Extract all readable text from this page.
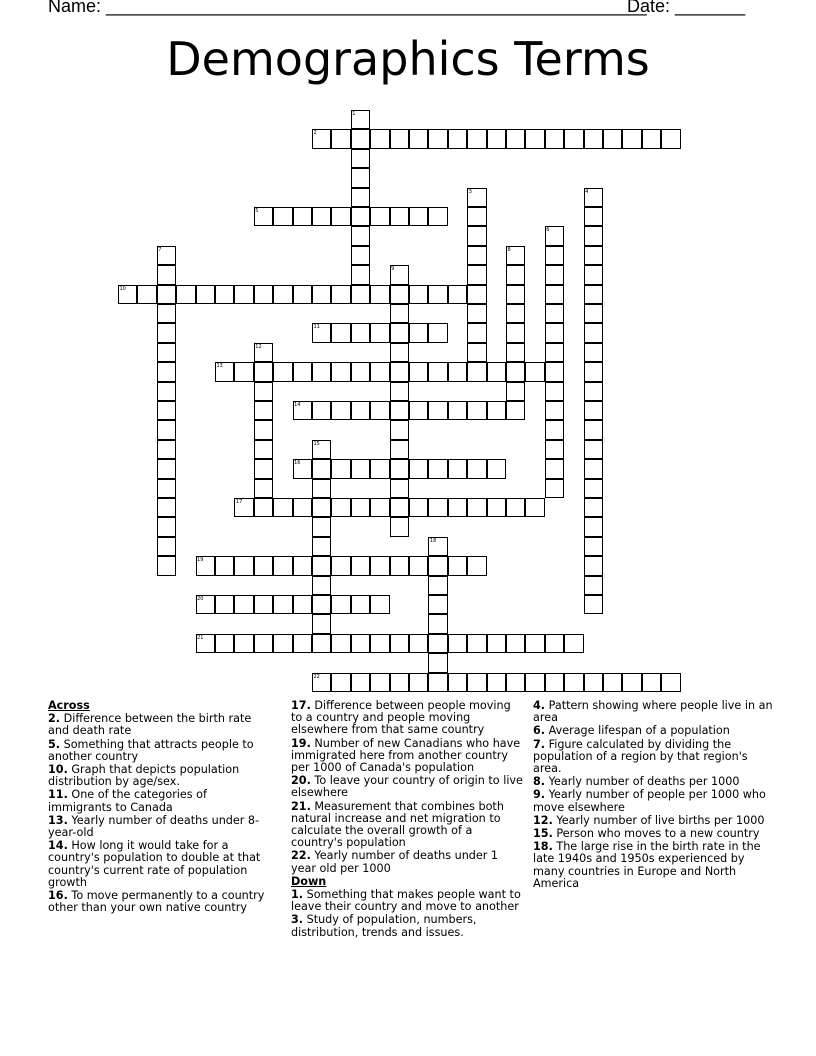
Name: ______________________________________________________
Date: _______
Demographics Terms
1
2
3	4
5
6
7	8
9
10
11
12
13
14
15
16
17
18
19
20
21
22

Across

2. Difference between the birth rate and death rate

5. Something that attracts people to another country

10. Graph that depicts population distribution by age/sex.

11. One of the categories of immigrants to Canada

13. Yearly number of deaths under 8-year-old

14. How long it would take for a country's population to double at that country's current rate of population growth

16. To move permanently to a country other than your own native country

17. Difference between people moving to a country and people moving elsewhere from that same country

19. Number of new Canadians who have immigrated here from another country per 1000 of Canada's population

20. To leave your country of origin to live elsewhere

21. Measurement that combines both natural increase and net migration to calculate the overall growth of a country's population

22. Yearly number of deaths under 1 year old per 1000

Down

1. Something that makes people want to leave their country and move to another

3. Study of population, numbers, distribution, trends and issues.

4. Pattern showing where people live in an area

6. Average lifespan of a population

7. Figure calculated by dividing the population of a region by that region's area.

8. Yearly number of deaths per 1000

9. Yearly number of people per 1000 who move elsewhere

12. Yearly number of live births per 1000

15. Person who moves to a new country

18. The large rise in the birth rate in the late 1940s and 1950s experienced by many countries in Europe and North America
